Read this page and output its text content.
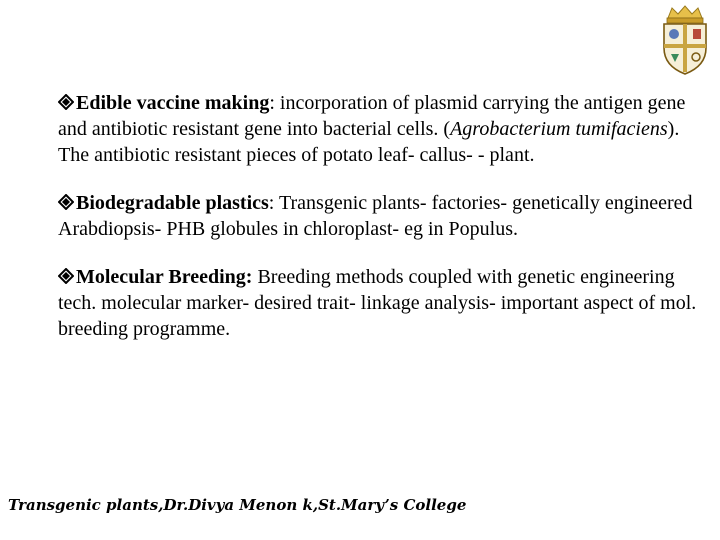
Edible vaccine making: incorporation of plasmid carrying the antigen gene and antibiotic resistant gene into bacterial cells. (Agrobacterium tumifaciens). The antibiotic resistant pieces of potato leaf- callus- - plant.

Biodegradable plastics: Transgenic plants- factories- genetically engineered Arabdiopsis- PHB globules in chloroplast- eg in Populus.

Molecular Breeding: Breeding methods coupled with genetic engineering tech. molecular marker- desired trait- linkage analysis- important aspect of mol. breeding programme.

Transgenic plants,Dr.Divya Menon k,St.Mary’s College
